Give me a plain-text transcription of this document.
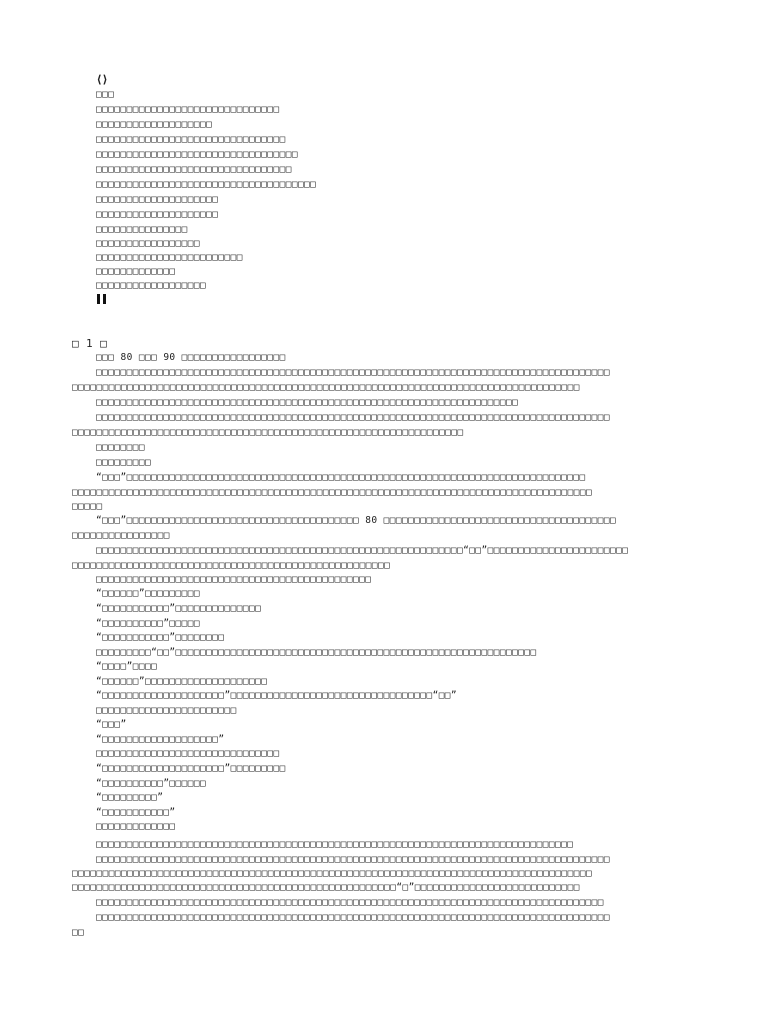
⟨⟩
□□□
□□□□□□□□□□□□□□□□□□□□□□□□□□□□□□
□□□□□□□□□□□□□□□□□□□
□□□□□□□□□□□□□□□□□□□□□□□□□□□□□□□
□□□□□□□□□□□□□□□□□□□□□□□□□□□□□□□□□
□□□□□□□□□□□□□□□□□□□□□□□□□□□□□□□□
□□□□□□□□□□□□□□□□□□□□□□□□□□□□□□□□□□□□
□□□□□□□□□□□□□□□□□□□□
□□□□□□□□□□□□□□□□□□□□
□□□□□□□□□□□□□□□
□□□□□□□□□□□□□□□□□
□□□□□□□□□□□□□□□□□□□□□□□□
□□□□□□□□□□□□□
□□□□□□□□□□□□□□□□□□
□ 1 □
□□□ 80 □□□ 90 □□□□□□□□□□□□□□□□□
□□□□□□□□□□□□□□□□□□□□□□□□□□□□□□□□□□□□□□□□□□□□□□□□□□□□□□□□□□□□□□□□□□□□□□□□□□□□□□□□□□□□
□□□□□□□□□□□□□□□□□□□□□□□□□□□□□□□□□□□□□□□□□□□□□□□□□□□□□□□□□□□□□□□□□□□□□□□□□□□□□□□□□□□
□□□□□□□□□□□□□□□□□□□□□□□□□□□□□□□□□□□□□□□□□□□□□□□□□□□□□□□□□□□□□□□□□□□□□
□□□□□□□□□□□□□□□□□□□□□□□□□□□□□□□□□□□□□□□□□□□□□□□□□□□□□□□□□□□□□□□□□□□□□□□□□□□□□□□□□□□□
□□□□□□□□□□□□□□□□□□□□□□□□□□□□□□□□□□□□□□□□□□□□□□□□□□□□□□□□□□□□□□□□
□□□□□□□□
□□□□□□□□□
“□□□”□□□□□□□□□□□□□□□□□□□□□□□□□□□□□□□□□□□□□□□□□□□□□□□□□□□□□□□□□□□□□□□□□□□□□□□□□□□
□□□□□□□□□□□□□□□□□□□□□□□□□□□□□□□□□□□□□□□□□□□□□□□□□□□□□□□□□□□□□□□□□□□□□□□□□□□□□□□□□□□□□
□□□□□
“□□□”□□□□□□□□□□□□□□□□□□□□□□□□□□□□□□□□□□□□□□ 80 □□□□□□□□□□□□□□□□□□□□□□□□□□□□□□□□□□□□□□
□□□□□□□□□□□□□□□□
□□□□□□□□□□□□□□□□□□□□□□□□□□□□□□□□□□□□□□□□□□□□□□□□□□□□□□□□□□□□“□□”□□□□□□□□□□□□□□□□□□□□□□□
□□□□□□□□□□□□□□□□□□□□□□□□□□□□□□□□□□□□□□□□□□□□□□□□□□□□
□□□□□□□□□□□□□□□□□□□□□□□□□□□□□□□□□□□□□□□□□□□□□
“□□□□□□”□□□□□□□□□
“□□□□□□□□□□□”□□□□□□□□□□□□□□
“□□□□□□□□□□”□□□□□
“□□□□□□□□□□□”□□□□□□□□
□□□□□□□□□“□□”□□□□□□□□□□□□□□□□□□□□□□□□□□□□□□□□□□□□□□□□□□□□□□□□□□□□□□□□□□□
“□□□□”□□□□
“□□□□□□”□□□□□□□□□□□□□□□□□□□□
“□□□□□□□□□□□□□□□□□□□□”□□□□□□□□□□□□□□□□□□□□□□□□□□□□□□□□□“□□”
□□□□□□□□□□□□□□□□□□□□□□□
“□□□”
“□□□□□□□□□□□□□□□□□□□”
□□□□□□□□□□□□□□□□□□□□□□□□□□□□□□
“□□□□□□□□□□□□□□□□□□□□”□□□□□□□□□
“□□□□□□□□□□”□□□□□□
“□□□□□□□□□”
“□□□□□□□□□□□”
□□□□□□□□□□□□□
□□□□□□□□□□□□□□□□□□□□□□□□□□□□□□□□□□□□□□□□□□□□□□□□□□□□□□□□□□□□□□□□□□□□□□□□□□□□□□
□□□□□□□□□□□□□□□□□□□□□□□□□□□□□□□□□□□□□□□□□□□□□□□□□□□□□□□□□□□□□□□□□□□□□□□□□□□□□□□□□□□□
□□□□□□□□□□□□□□□□□□□□□□□□□□□□□□□□□□□□□□□□□□□□□□□□□□□□□□□□□□□□□□□□□□□□□□□□□□□□□□□□□□□□□
□□□□□□□□□□□□□□□□□□□□□□□□□□□□□□□□□□□□□□□□□□□□□□□□□□□□□“□”□□□□□□□□□□□□□□□□□□□□□□□□□□□
□□□□□□□□□□□□□□□□□□□□□□□□□□□□□□□□□□□□□□□□□□□□□□□□□□□□□□□□□□□□□□□□□□□□□□□□□□□□□□□□□□□
□□□□□□□□□□□□□□□□□□□□□□□□□□□□□□□□□□□□□□□□□□□□□□□□□□□□□□□□□□□□□□□□□□□□□□□□□□□□□□□□□□□□
□□
